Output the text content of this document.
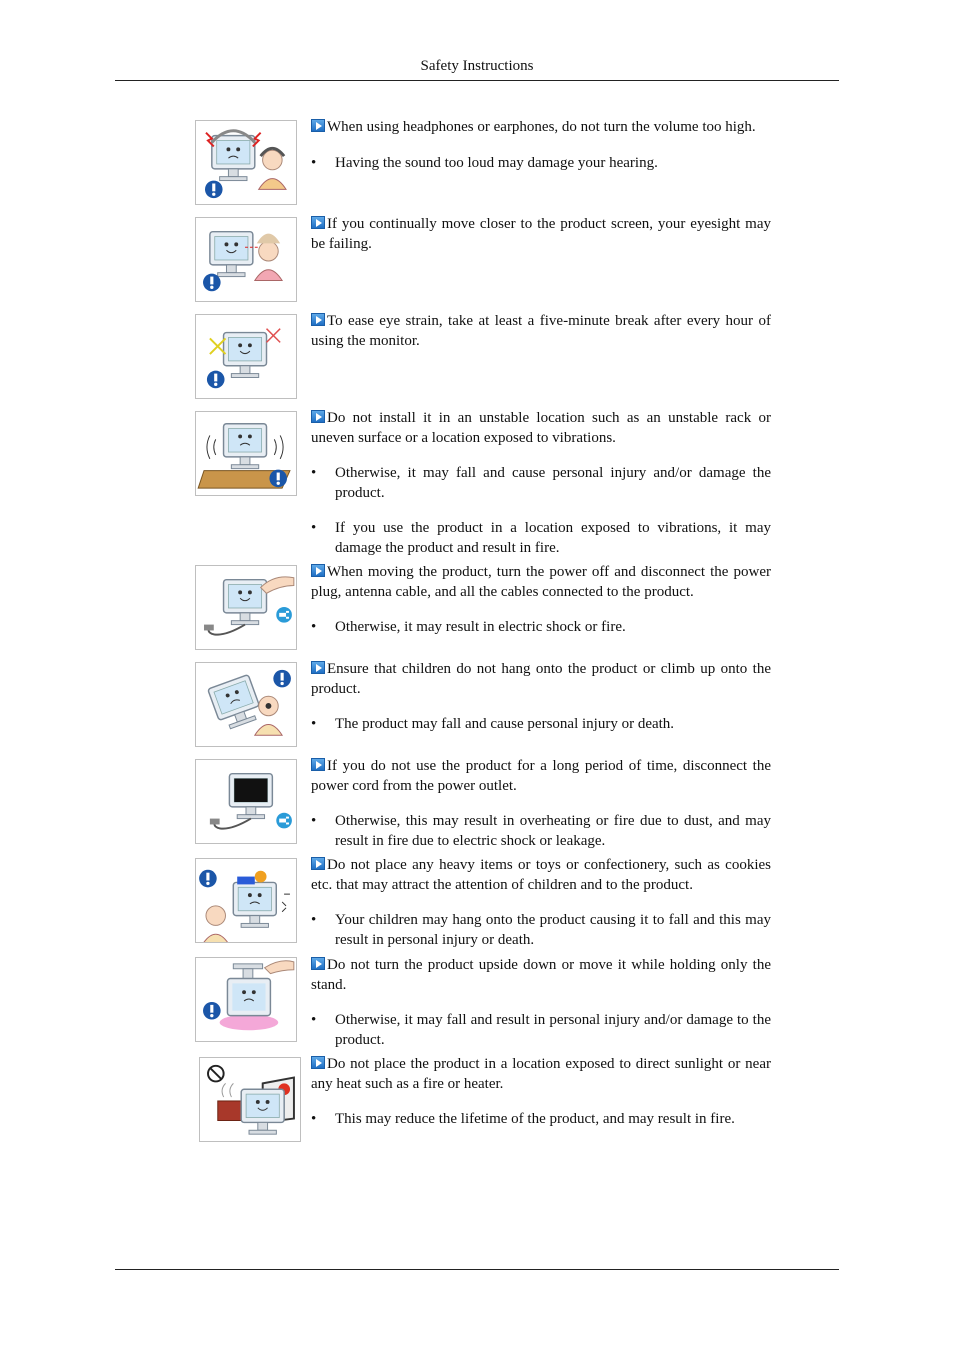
Safety Instructions

When using headphones or earphones, do not turn the volume too high.

• Having the sound too loud may damage your hearing.

If you continually move closer to the product screen, your eyesight may be failing.

To ease eye strain, take at least a five-minute break after every hour of using the monitor.

Do not install it in an unstable location such as an unstable rack or uneven surface or a location exposed to vibrations.

• Otherwise, it may fall and cause personal injury and/or damage the product.
• If you use the product in a location exposed to vibrations, it may damage the product and result in fire.

When moving the product, turn the power off and disconnect the power plug, antenna cable, and all the cables connected to the product.

• Otherwise, it may result in electric shock or fire.

Ensure that children do not hang onto the product or climb up onto the product.

• The product may fall and cause personal injury or death.

If you do not use the product for a long period of time, disconnect the power cord from the power outlet.

• Otherwise, this may result in overheating or fire due to dust, and may result in fire due to electric shock or leakage.

Do not place any heavy items or toys or confectionery, such as cookies etc. that may attract the attention of children and to the product.

• Your children may hang onto the product causing it to fall and this may result in personal injury or death.

Do not turn the product upside down or move it while holding only the stand.

• Otherwise, it may fall and result in personal injury and/or damage to the product.

Do not place the product in a location exposed to direct sunlight or near any heat such as a fire or heater.

• This may reduce the lifetime of the product, and may result in fire.
